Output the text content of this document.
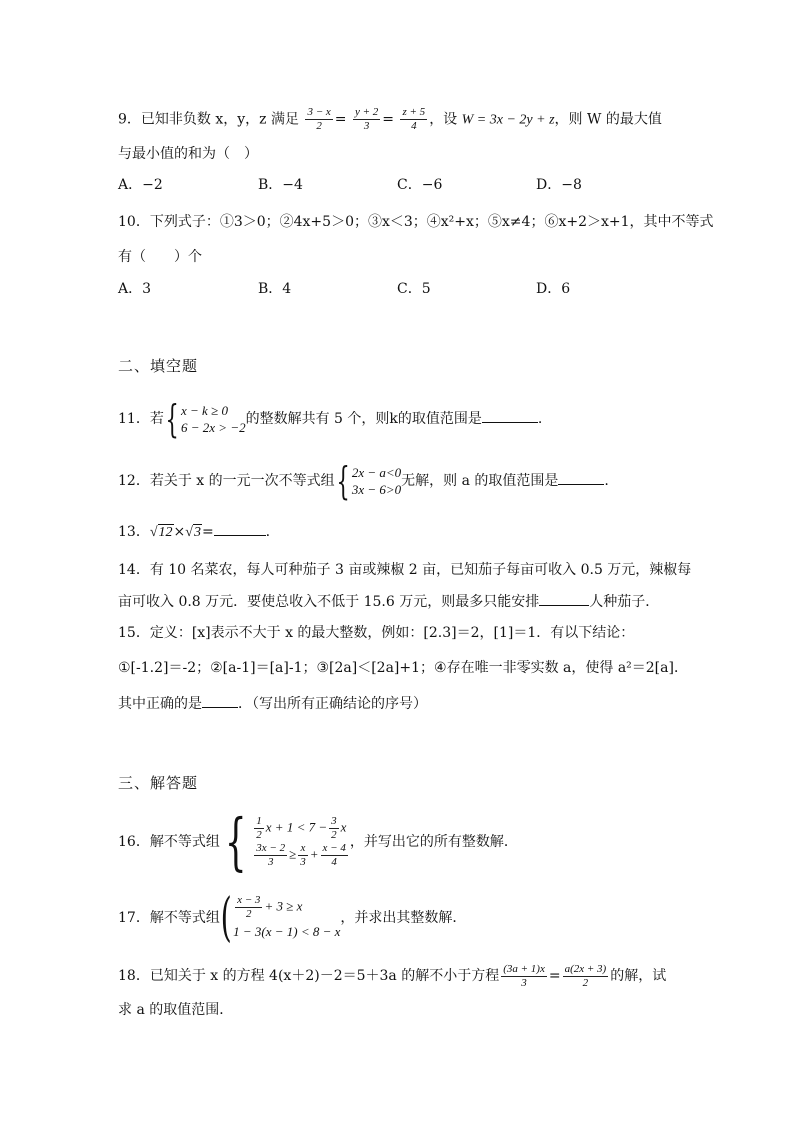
9．已知非负数 x，y，z 满足 $\frac{3 - x}{2} = \frac{y + 2}{3} = \frac{z + 5}{4}$ ，设 W = 3x − 2y + z，则 W 的最大值
与最小值的和为（　）
A．−2	B．−4	C．−6	D．−8
10．下列式子：①3＞0；②4x+5＞0；③x＜3；④x²+x；⑤x≠4；⑥x+2＞x+1，其中不等式
有（　　）个
A．3	B．4	C．5	D．6
二、填空题
11．若 { x − k ≥ 0
6 − 2x > −2
的整数解共有 5 个，则k的取值范围是	.
12．若关于 x 的一元一次不等式组 { 2x − a<0
3x − 6>0
无解，则 a 的取值范围是	.
13．√12×√3=	.
14．有 10 名菜农，每人可种茄子 3 亩或辣椒 2 亩，已知茄子每亩可收入 0.5 万元，辣椒每
亩可收入 0.8 万元．要使总收入不低于 15.6 万元，则最多只能安排	人种茄子．
15．定义：[x]表示不大于 x 的最大整数，例如：[2.3]＝2，[1]＝1．有以下结论：
①[-1.2]＝-2；②[a-1]＝[a]-1；③[2a]＜[2a]+1；④存在唯一非零实数 a，使得 a²＝2[a]．
其中正确的是	．（写出所有正确结论的序号）
三、解答题
16．解不等式组 { $\frac{1}{2}$ $x + 1 < 7 - \frac{3}{2}$ x
$\frac{3x - 2}{3} \ge \frac{x}{3} + \frac{x - 4}{4}$ ，并写出它的所有整数解．
17．解不等式组 ( $\frac{x - 3}{2} + 3 \ge x$
1 − 3(x − 1) < 8 − x
，并求出其整数解．
18．已知关于 x 的方程 4(x＋2)－2＝5＋3a 的解不小于方程 $\frac{(3a + 1)x}{3} = \frac{a(2x + 3)}{2}$ 的解，试
求 a 的取值范围．
